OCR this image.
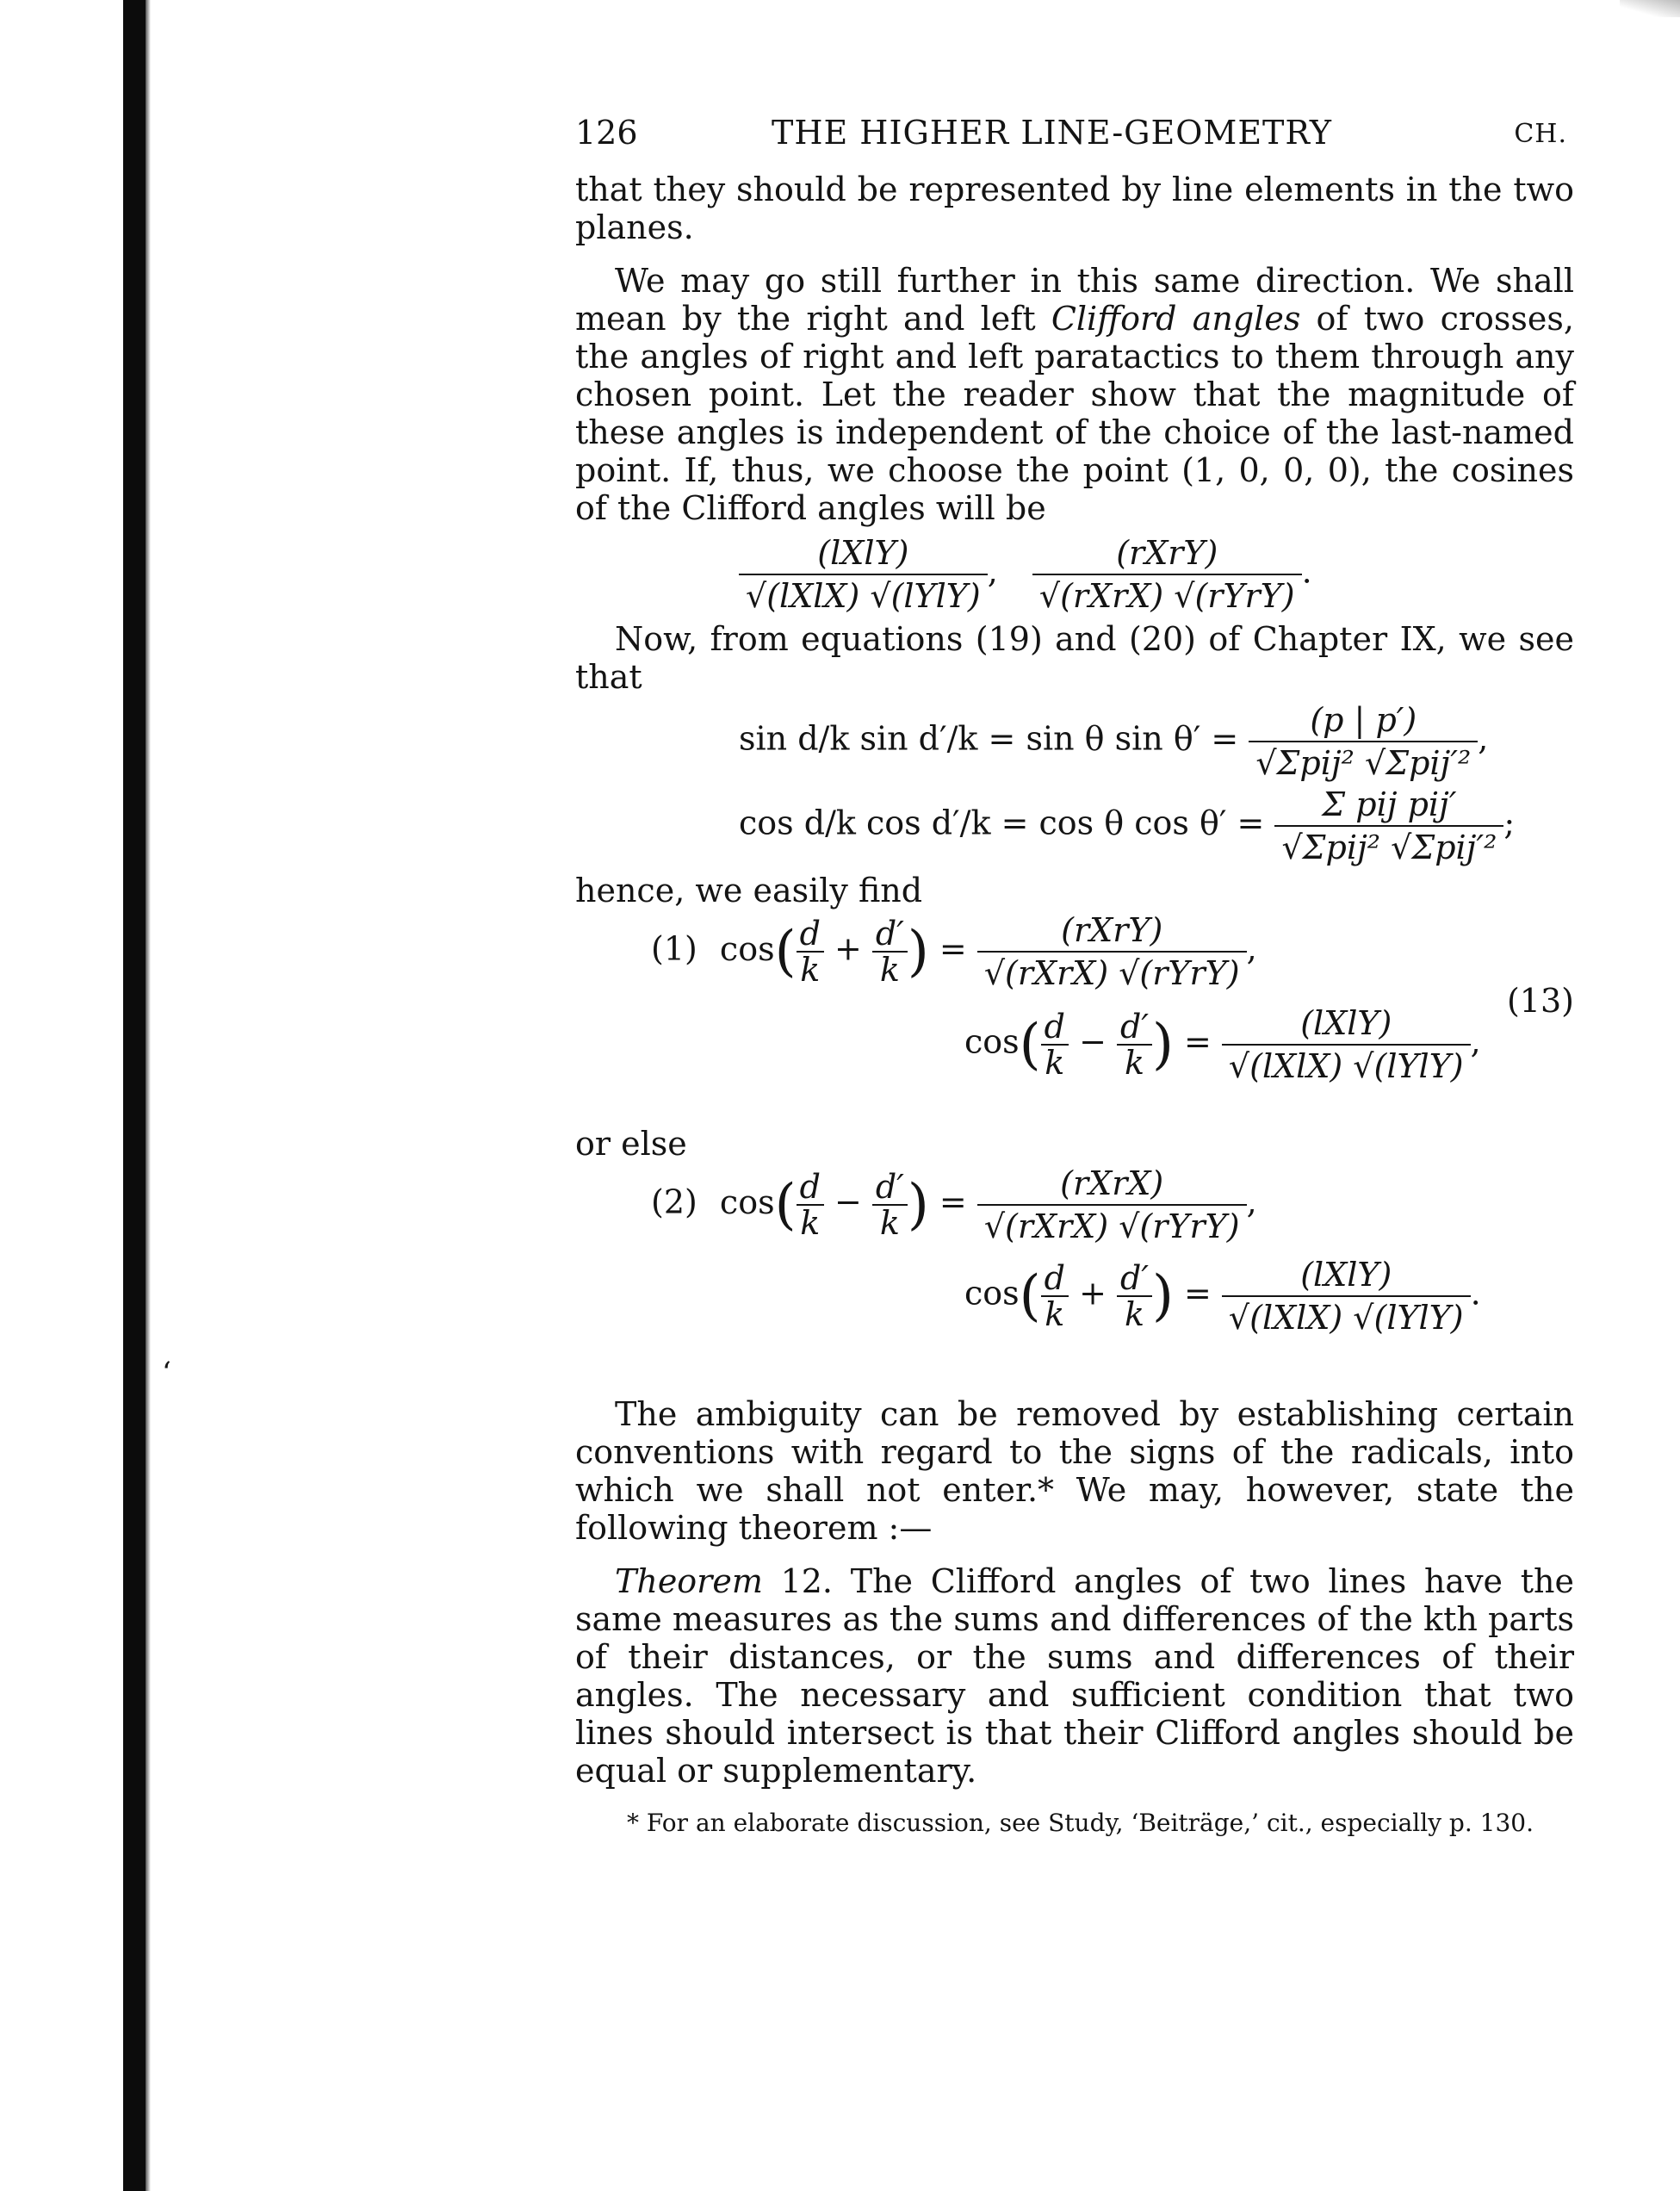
ʻ
126	THE HIGHER LINE-GEOMETRY	CH.

that they should be represented by line elements in the two planes.

We may go still further in this same direction. We shall mean by the right and left Clifford angles of two crosses, the angles of right and left paratactics to them through any chosen point. Let the reader show that the magnitude of these angles is independent of the choice of the last-named point. If, thus, we choose the point (1, 0, 0, 0), the cosines of the Clifford angles will be

$\frac{\text{(lXlY)}}{\text{√(lXlX) √(lYlY)}}$ , $\frac{\text{(rXrY)}}{\text{√(rXrX) √(rYrY)}}$ .

Now, from equations (19) and (20) of Chapter IX, we see that

sin d/k sin d′/k = sin θ $\sin \theta' = \frac{(p | p')}{\text{√Σpij² √Σpij′²}}$ ,
cos d/k cos d′/k = cos θ $\cos \theta' = \frac{\text{Σ pij pij′}}{\text{√Σpij² √Σpij′²}}$ ;

hence, we easily find

(1) $\cos( \frac{d}{k} + \frac{d'}{k}$ ) = $\frac{\text{(rXrY)}}{\text{√(rXrX) √(rYrY)}}$ ,
$\cos( \frac{d}{k} - \frac{d'}{k}$ ) = $\frac{\text{(lXlY)}}{\text{√(lXlX) √(lYlY)}}$ ,
(13)

or else

(2) $\cos( \frac{d}{k} - \frac{d'}{k}$ ) = $\frac{\text{(rXrX)}}{\text{√(rXrX) √(rYrY)}}$ ,
$\cos( \frac{d}{k} + \frac{d'}{k}$ ) = $\frac{\text{(lXlY)}}{\text{√(lXlX) √(lYlY)}}$ .

The ambiguity can be removed by establishing certain conventions with regard to the signs of the radicals, into which we shall not enter.* We may, however, state the following theorem :—

Theorem 12. The Clifford angles of two lines have the same measures as the sums and differences of the kth parts of their distances, or the sums and differences of their angles. The necessary and sufficient condition that two lines should intersect is that their Clifford angles should be equal or supplementary.

* For an elaborate discussion, see Study, ‘Beiträge,’ cit., especially p. 130.
